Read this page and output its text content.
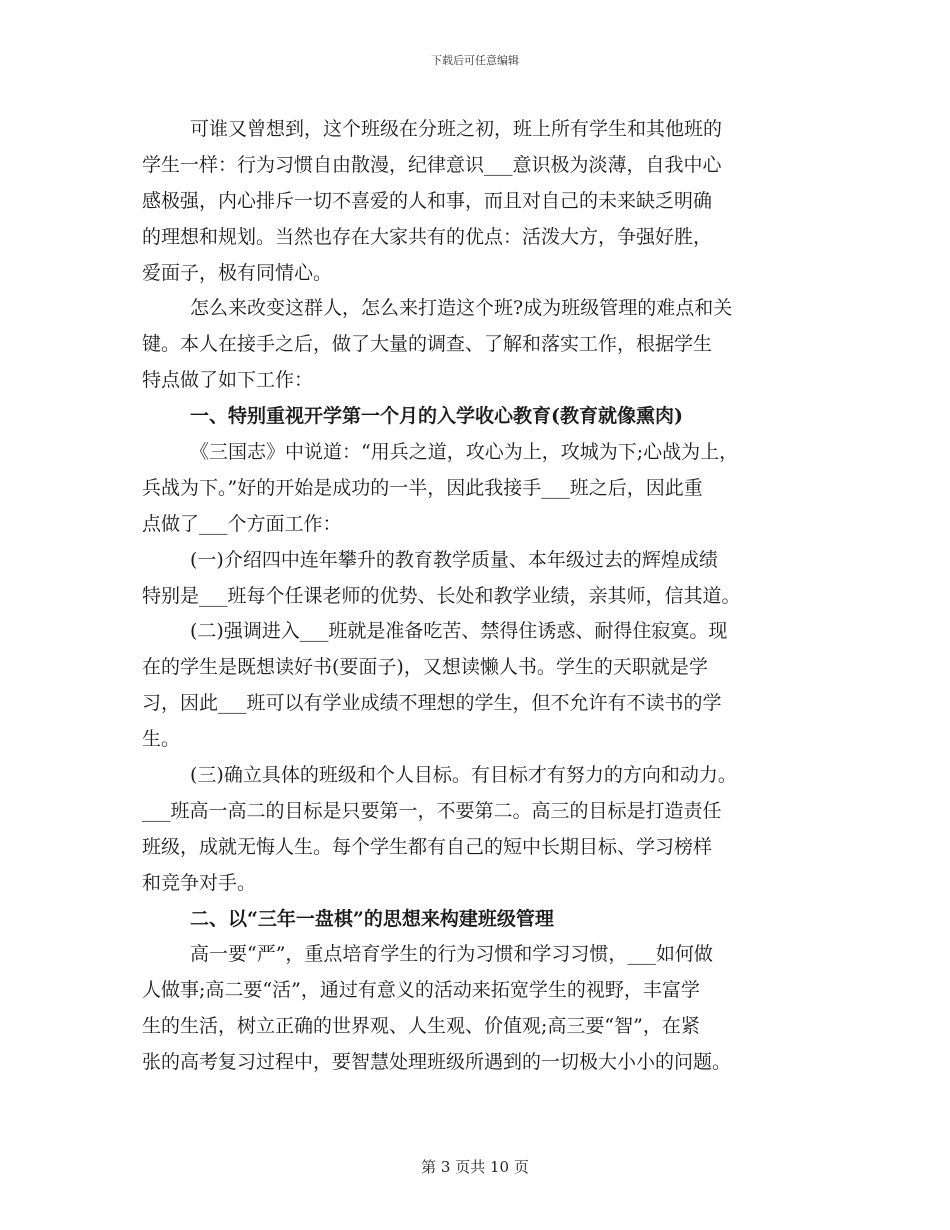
下载后可任意编辑
可谁又曾想到，这个班级在分班之初，班上所有学生和其他班的
学生一样：行为习惯自由散漫，纪律意识___意识极为淡薄，自我中心
感极强，内心排斥一切不喜爱的人和事，而且对自己的未来缺乏明确
的理想和规划。当然也存在大家共有的优点：活泼大方，争强好胜，
爱面子，极有同情心。
怎么来改变这群人，怎么来打造这个班?成为班级管理的难点和关
键。本人在接手之后，做了大量的调查、了解和落实工作，根据学生
特点做了如下工作：
一、特别重视开学第一个月的入学收心教育(教育就像熏肉)
《三国志》中说道：“用兵之道，攻心为上，攻城为下;心战为上，
兵战为下。”好的开始是成功的一半，因此我接手___班之后，因此重
点做了___个方面工作：
(一)介绍四中连年攀升的教育教学质量、本年级过去的辉煌成绩
特别是___班每个任课老师的优势、长处和教学业绩，亲其师，信其道。
(二)强调进入___班就是准备吃苦、禁得住诱惑、耐得住寂寞。现
在的学生是既想读好书(要面子)，又想读懒人书。学生的天职就是学
习，因此___班可以有学业成绩不理想的学生，但不允许有不读书的学
生。
(三)确立具体的班级和个人目标。有目标才有努力的方向和动力。
___班高一高二的目标是只要第一，不要第二。高三的目标是打造责任
班级，成就无悔人生。每个学生都有自己的短中长期目标、学习榜样
和竞争对手。
二、以“三年一盘棋”的思想来构建班级管理
高一要“严”，重点培育学生的行为习惯和学习习惯，___如何做
人做事;高二要“活”，通过有意义的活动来拓宽学生的视野，丰富学
生的生活，树立正确的世界观、人生观、价值观;高三要“智”，在紧
张的高考复习过程中，要智慧处理班级所遇到的一切极大小小的问题。
第 3 页共 10 页
